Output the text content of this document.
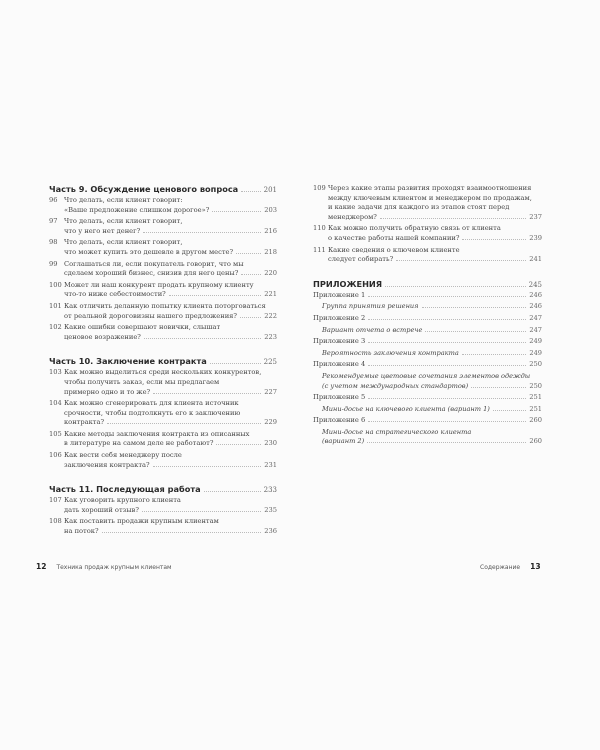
Часть 9. Обсуждение ценового вопроса	201
96 Что делать, если клиент говорит:
«Ваше предложение слишком дорогое»?	203
97 Что делать, если клиент говорит,
что у него нет денег?	216
98 Что делать, если клиент говорит,
что может купить это дешевле в другом месте?	218
99 Соглашаться ли, если покупатель говорит, что мы
сделаем хороший бизнес, снизив для него цены?	220
100 Может ли наш конкурент продать крупному клиенту
что-то ниже себестоимости?	221
101 Как отличить деланную попытку клиента поторговаться
от реальной дороговизны нашего предложения?	222
102 Какие ошибки совершают новички, слышат
ценовое возражение?	223
Часть 10. Заключение контракта	225
103 Как можно выделиться среди нескольких конкурентов,
чтобы получить заказ, если мы предлагаем
примерно одно и то же?	227
104 Как можно сгенерировать для клиента источник
срочности, чтобы подтолкнуть его к заключению
контракта?	229
105 Какие методы заключения контракта из описанных
в литературе на самом деле не работают?	230
106 Как вести себя менеджеру после
заключения контракта?	231
Часть 11. Последующая работа	233
107 Как уговорить крупного клиента
дать хороший отзыв?	235
108 Как поставить продажи крупным клиентам
на поток?	236
12 Техника продаж крупным клиентам
109 Через какие этапы развития проходят взаимоотношения
между ключевым клиентом и менеджером по продажам,
и какие задачи для каждого из этапов стоят перед
менеджером?	237
110 Как можно получить обратную связь от клиента
о качестве работы нашей компании?	239
111 Какие сведения о ключевом клиенте
следует собирать?	241
ПРИЛОЖЕНИЯ	245
Приложение 1	246
Группа принятия решения	246
Приложение 2	247
Вариант отчета о встрече	247
Приложение 3	249
Вероятность заключения контракта	249
Приложение 4	250
Рекомендуемые цветовые сочетания элементов одежды
(с учетом международных стандартов)	250
Приложение 5	251
Мини-досье на ключевого клиента (вариант 1)	251
Приложение 6	260
Мини-досье на стратегического клиента
(вариант 2)	260
Содержание 13
